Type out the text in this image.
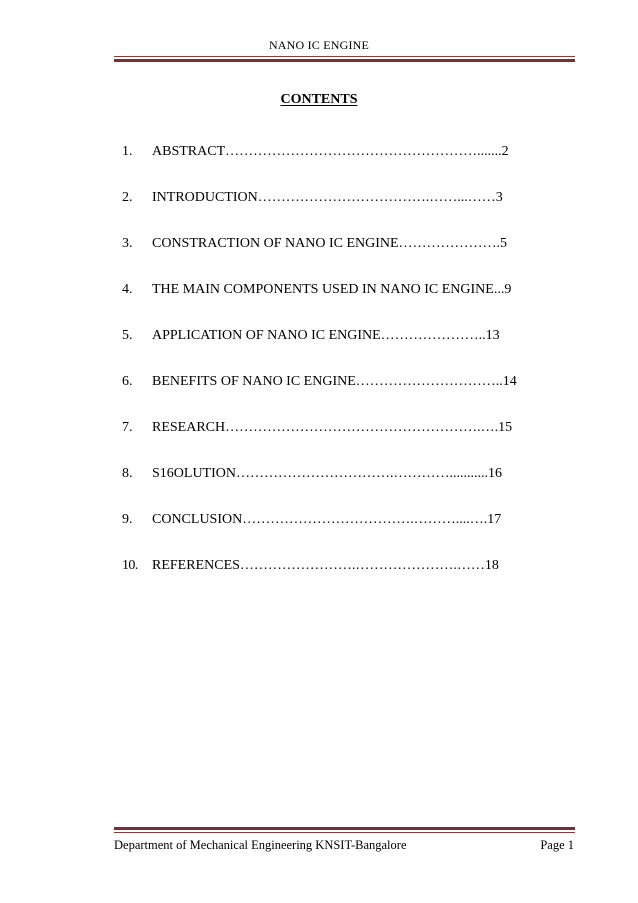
NANO IC ENGINE
CONTENTS
1.	ABSTRACT……………………………………………….......2
2.	INTRODUCTION……………………………….……...……3
3.	CONSTRACTION OF NANO IC ENGINE………………….5
4.	THE MAIN COMPONENTS USED IN NANO IC ENGINE...9
5.	APPLICATION OF NANO IC ENGINE…………………..13
6.	BENEFITS OF NANO IC ENGINE…………………………..14
7.	RESEARCH……………………………………………….….15
8.	S16OLUTION…………………………….…………...........16
9.	CONCLUSION……………………………….………....….17
10.	REFERENCES…………………….………………….……18
Department of Mechanical Engineering KNSIT-Bangalore	Page 1
